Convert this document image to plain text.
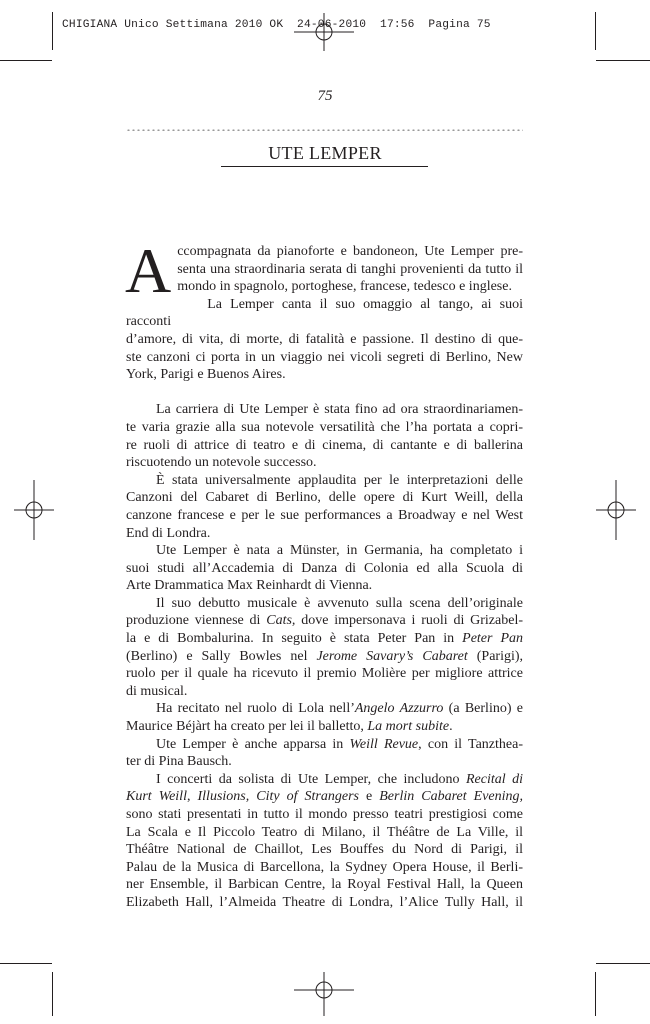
CHIGIANA Unico Settimana 2010 OK  24-06-2010  17:56  Pagina 75
75
UTE LEMPER
A ccompagnata da pianoforte e bandoneon, Ute Lemper pre-

senta una straordinaria serata di tanghi provenienti da tutto il

mondo in spagnolo, portoghese, francese, tedesco e inglese.

La Lemper canta il suo omaggio al tango, ai suoi racconti

d’amore, di vita, di morte, di fatalità e passione. Il destino di que-

ste canzoni ci porta in un viaggio nei vicoli segreti di Berlino, New

York, Parigi e Buenos Aires.

La carriera di Ute Lemper è stata fino ad ora straordinariamen-

te varia grazie alla sua notevole versatilità che l’ha portata a copri-

re ruoli di attrice di teatro e di cinema, di cantante e di ballerina

riscuotendo un notevole successo.

È stata universalmente applaudita per le interpretazioni delle

Canzoni del Cabaret di Berlino, delle opere di Kurt Weill, della

canzone francese e per le sue performances a Broadway e nel West

End di Londra.

Ute Lemper è nata a Münster, in Germania, ha completato i

suoi studi all’Accademia di Danza di Colonia ed alla Scuola di

Arte Drammatica Max Reinhardt di Vienna.

Il suo debutto musicale è avvenuto sulla scena dell’originale

produzione viennese di Cats, dove impersonava i ruoli di Grizabel-

la e di Bombalurina. In seguito è stata Peter Pan in Peter Pan

(Berlino) e Sally Bowles nel Jerome Savary’s Cabaret (Parigi),

ruolo per il quale ha ricevuto il premio Molière per migliore attrice

di musical.

Ha recitato nel ruolo di Lola nell’Angelo Azzurro (a Berlino) e

Maurice Béjàrt ha creato per lei il balletto, La mort subite.

Ute Lemper è anche apparsa in Weill Revue, con il Tanztheа-

ter di Pina Bausch.

I concerti da solista di Ute Lemper, che includono Recital di

Kurt Weill, Illusions, City of Strangers e Berlin Cabaret Evening,

sono stati presentati in tutto il mondo presso teatri prestigiosi come

La Scala e Il Piccolo Teatro di Milano, il Théâtre de La Ville, il

Théâtre National de Chaillot, Les Bouffes du Nord di Parigi, il

Palau de la Musica di Barcellona, la Sydney Opera House, il Berli-

ner Ensemble, il Barbican Centre, la Royal Festival Hall, la Queen

Elizabeth Hall, l’Almeida Theatre di Londra, l’Alice Tully Hall, il
